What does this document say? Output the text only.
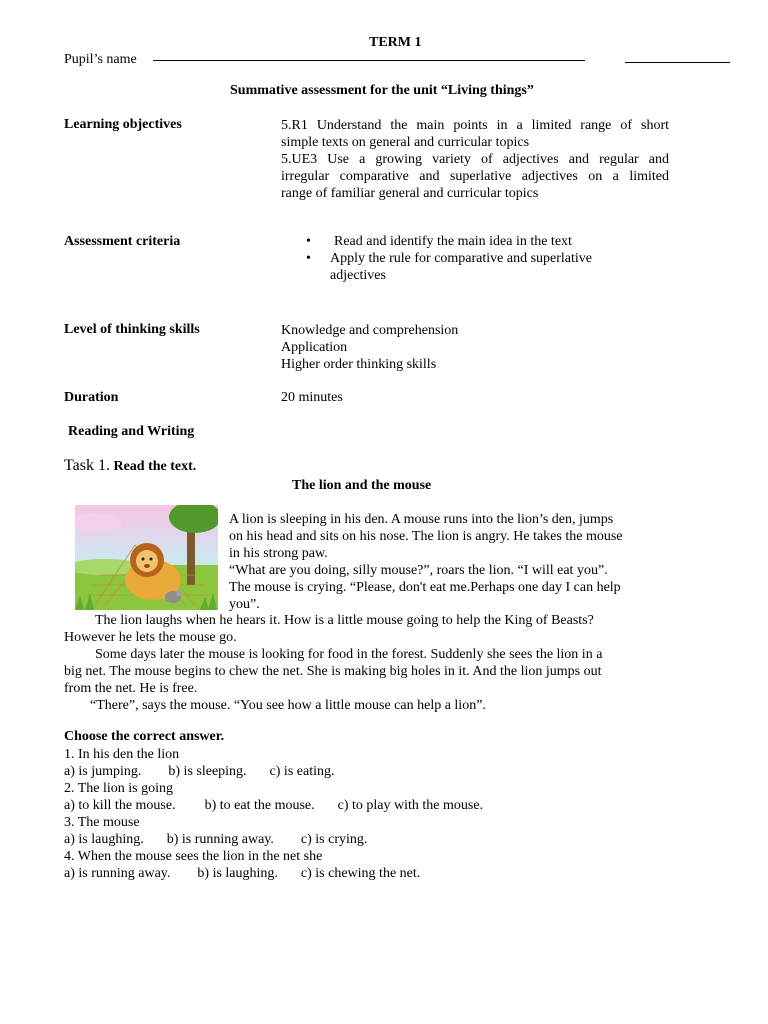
TERM 1
Pupil’s name
Summative assessment for the unit “Living things”
Learning objectives	5.R1 Understand the main points in a limited range of short
simple texts on general and curricular topics
5.UE3 Use a growing variety of adjectives and regular and
irregular comparative and superlative adjectives on a limited
range of familiar general and curricular topics
Assessment criteria	• Read and identify the main idea in the text
• Apply the rule for comparative and superlative
adjectives
Level of thinking skills	Knowledge and comprehension
Application
Higher order thinking skills
Duration	20 minutes
Reading and Writing
Task 1. Read the text.
The lion and the mouse
A lion is sleeping in his den. A mouse runs into the lion’s den, jumps
on his head and sits on his nose. The lion is angry. He takes the mouse
in his strong paw.
“What are you doing, silly mouse?”, roars the lion. “I will eat you”.
The mouse is crying. “Please, don't eat me.Perhaps one day I can help
you”.
The lion laughs when he hears it. How is a little mouse going to help the King of Beasts?
However he lets the mouse go.
Some days later the mouse is looking for food in the forest. Suddenly she sees the lion in a
big net. The mouse begins to chew the net. She is making big holes in it. And the lion jumps out
from the net. He is free.
“There”, says the mouse. “You see how a little mouse can help a lion”.
Choose the correct answer.
1. In his den the lion
a) is jumping. b) is sleeping. c) is eating.
2. The lion is going
a) to kill the mouse. b) to eat the mouse. c) to play with the mouse.
3. The mouse
a) is laughing. b) is running away. c) is crying.
4. When the mouse sees the lion in the net she
a) is running away. b) is laughing. c) is chewing the net.
